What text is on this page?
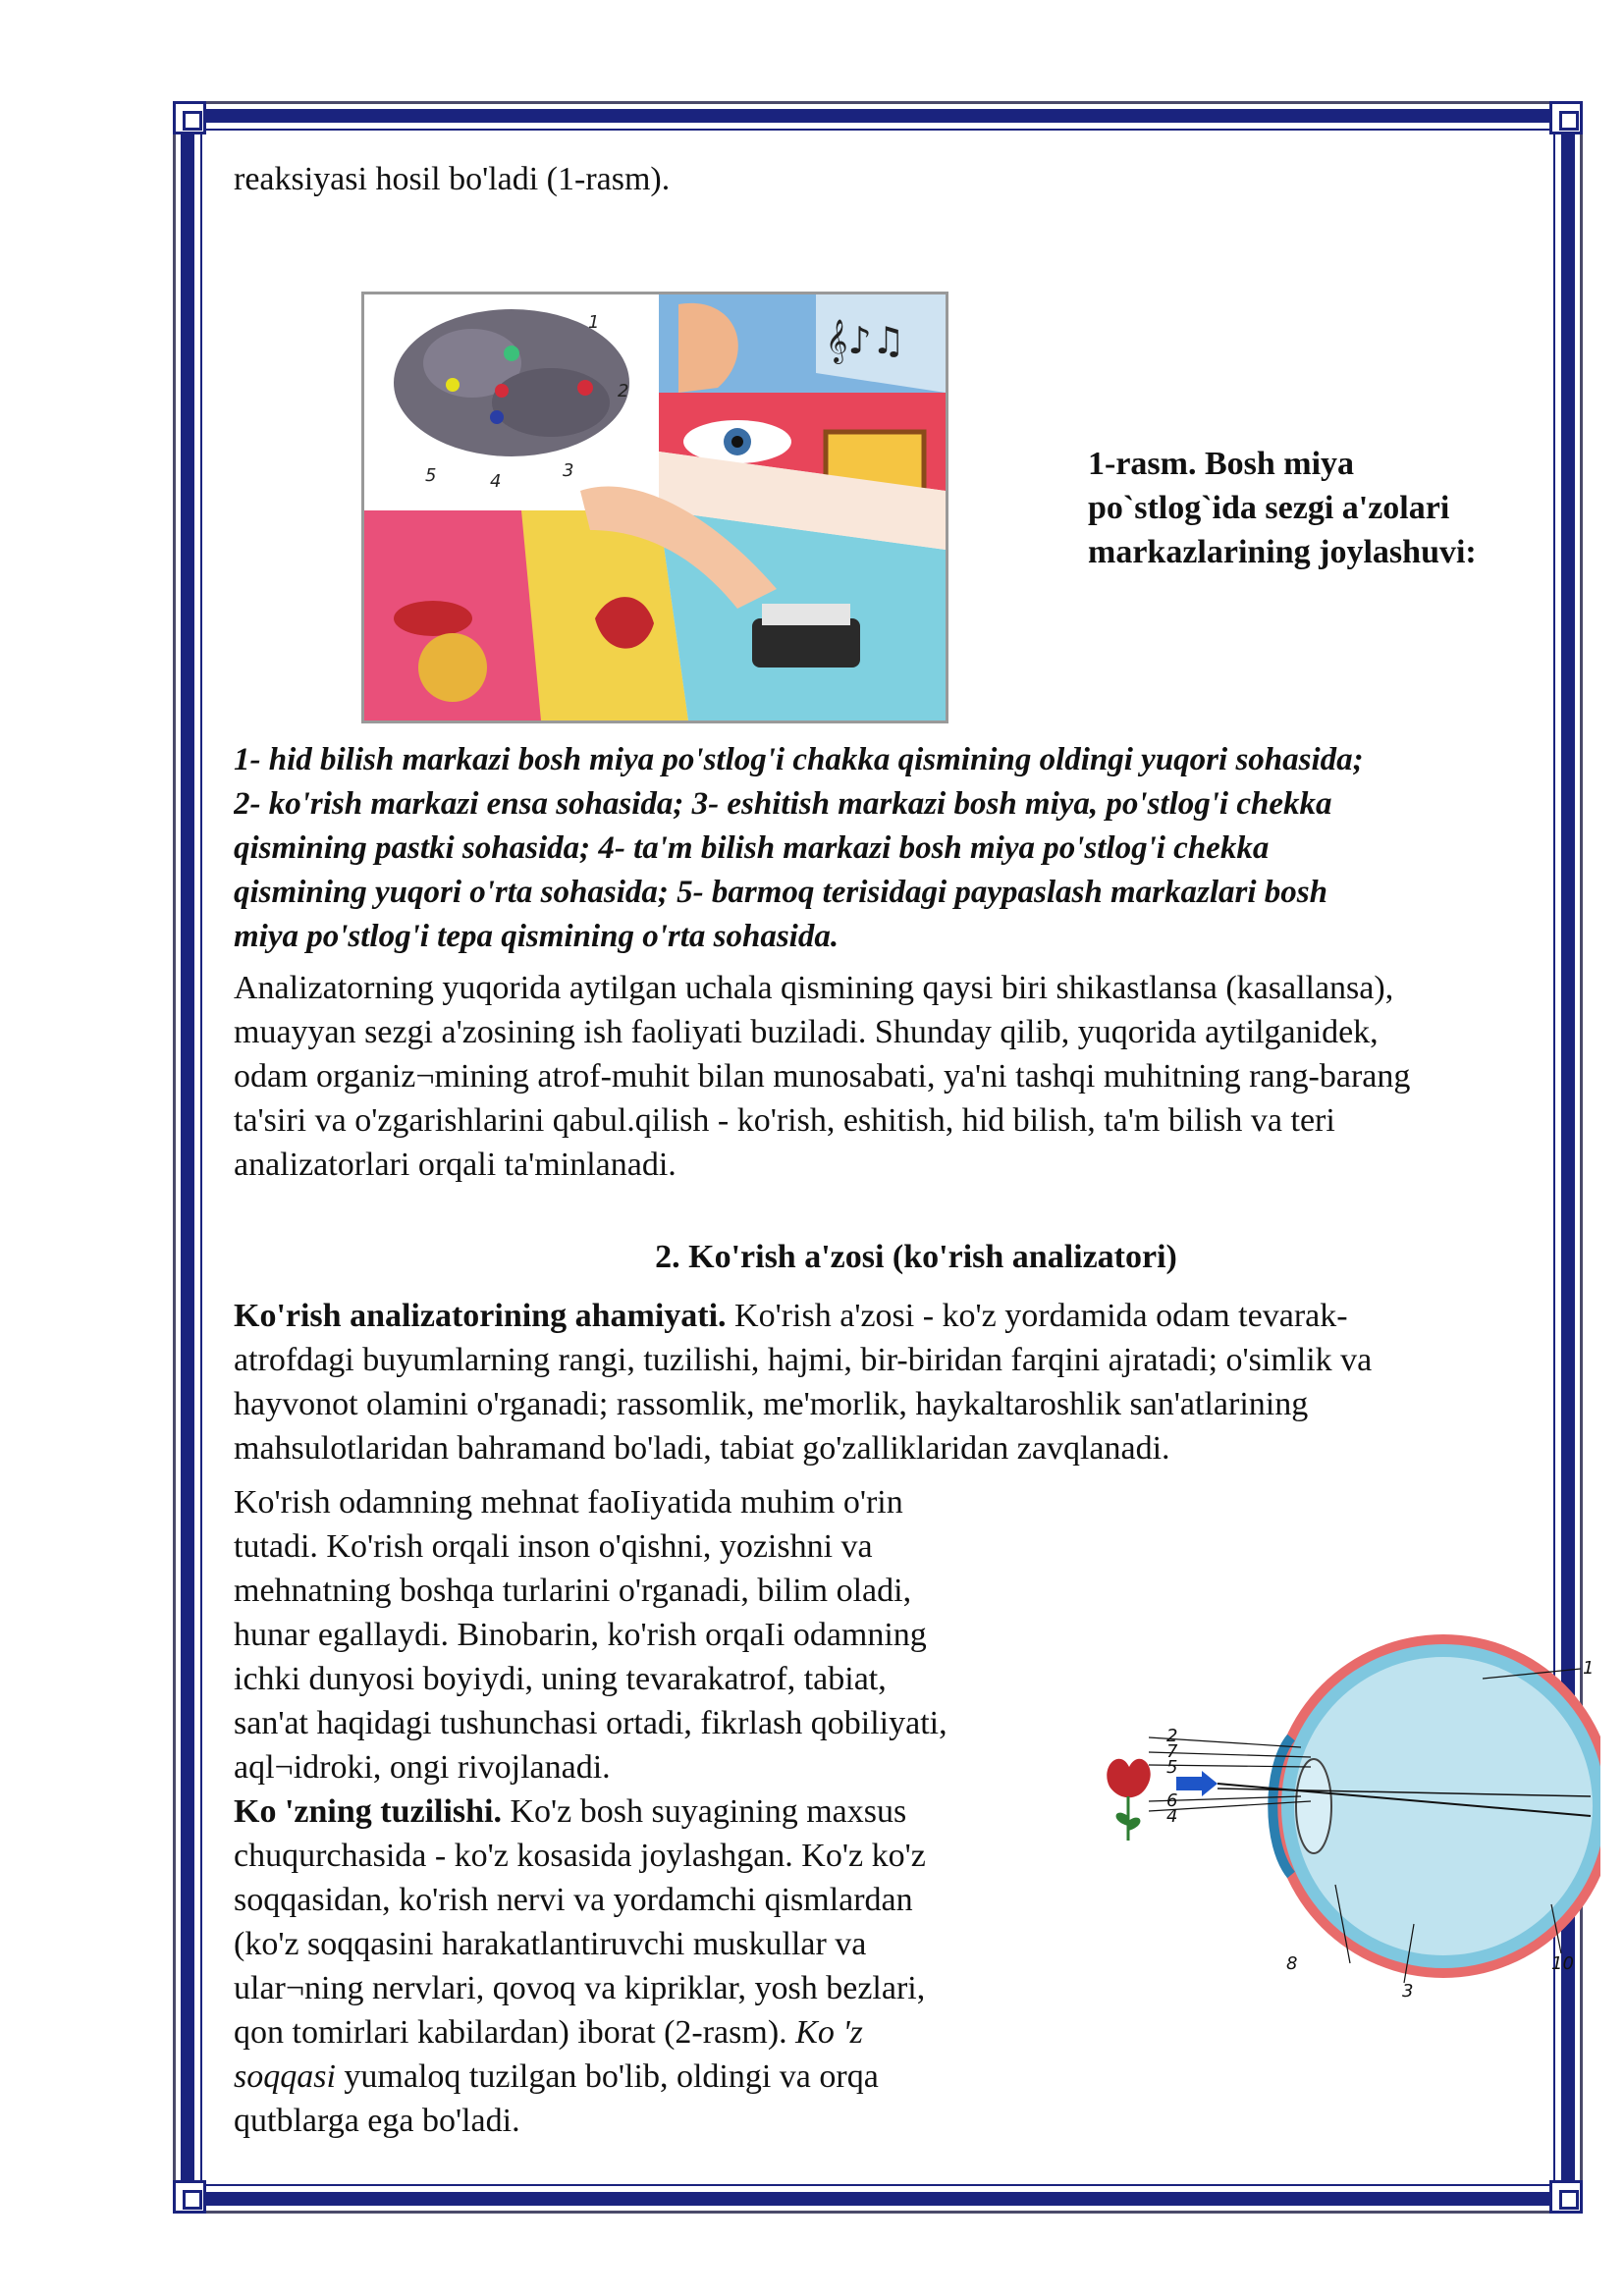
reaksiyasi hosil bo'ladi (1-rasm).

𝄞♪♫
1
2
3
4
5	1-rasm. Bosh miya
po`stlog`ida sezgi a'zolari
markazlarining joylashuvi:
1- hid bilish markazi bosh miya po'stlog'i chakka qismining oldingi yuqori sohasida;
2- ko'rish markazi ensa sohasida; 3- eshitish markazi bosh miya, po'stlog'i chekka
qismining pastki sohasida; 4- ta'm bilish markazi bosh miya po'stlog'i chekka
qismining yuqori o'rta sohasida; 5- barmoq terisidagi paypaslash markazlari bosh
miya po'stlog'i tepa qismining o'rta sohasida.
Analizatorning yuqorida aytilgan uchala qismining qaysi biri shikastlansa (kasallansa),
muayyan sezgi a'zosining ish faoliyati buziladi. Shunday qilib, yuqorida aytilganidek,
odam organiz¬mining atrof-muhit bilan munosabati, ya'ni tashqi muhitning rang-barang
ta'siri va o'zgarishlarini qabul.qilish - ko'rish, eshitish, hid bilish, ta'm bilish va teri
analizatorlari orqali ta'minlanadi.
2. Ko'rish a'zosi (ko'rish analizatori)
Ko'rish analizatorining ahamiyati. Ko'rish a'zosi - ko'z yordamida odam tevarak-
atrofdagi buyumlarning rangi, tuzilishi, hajmi, bir-biridan farqini ajratadi; o'simlik va
hayvonot olamini o'rganadi; rassomlik, me'morlik, haykaltaroshlik san'atlarining
mahsulotlaridan bahramand bo'ladi, tabiat go'zalliklaridan zavqlanadi.
Ko'rish odamning mehnat faoIiyatida muhim o'rin
tutadi. Ko'rish orqali inson o'qishni, yozishni va
mehnatning boshqa turlarini o'rganadi, bilim oladi,
hunar egallaydi. Binobarin, ko'rish orqaIi odamning
ichki dunyosi boyiydi, uning tevarakatrof, tabiat,
san'at haqidagi tushunchasi ortadi, fikrlash qobiliyati,
aql¬idroki, ongi rivojlanadi.
Ko 'zning tuzilishi. Ko'z bosh suyagining maxsus
chuqurchasida - ko'z kosasida joylashgan. Ko'z ko'z
soqqasidan, ko'rish nervi va yordamchi qismlardan
(ko'z soqqasini harakatlantiruvchi muskullar va
ular¬ning nervlari, qovoq va kipriklar, yosh bezlari,
qon tomirlari kabilardan) iborat (2-rasm). Ko 'z
soqqasi yumaloq tuzilgan bo'lib, oldingi va orqa
qutblarga ega bo'ladi.
1
2
7
5
6
4
8
3
10
